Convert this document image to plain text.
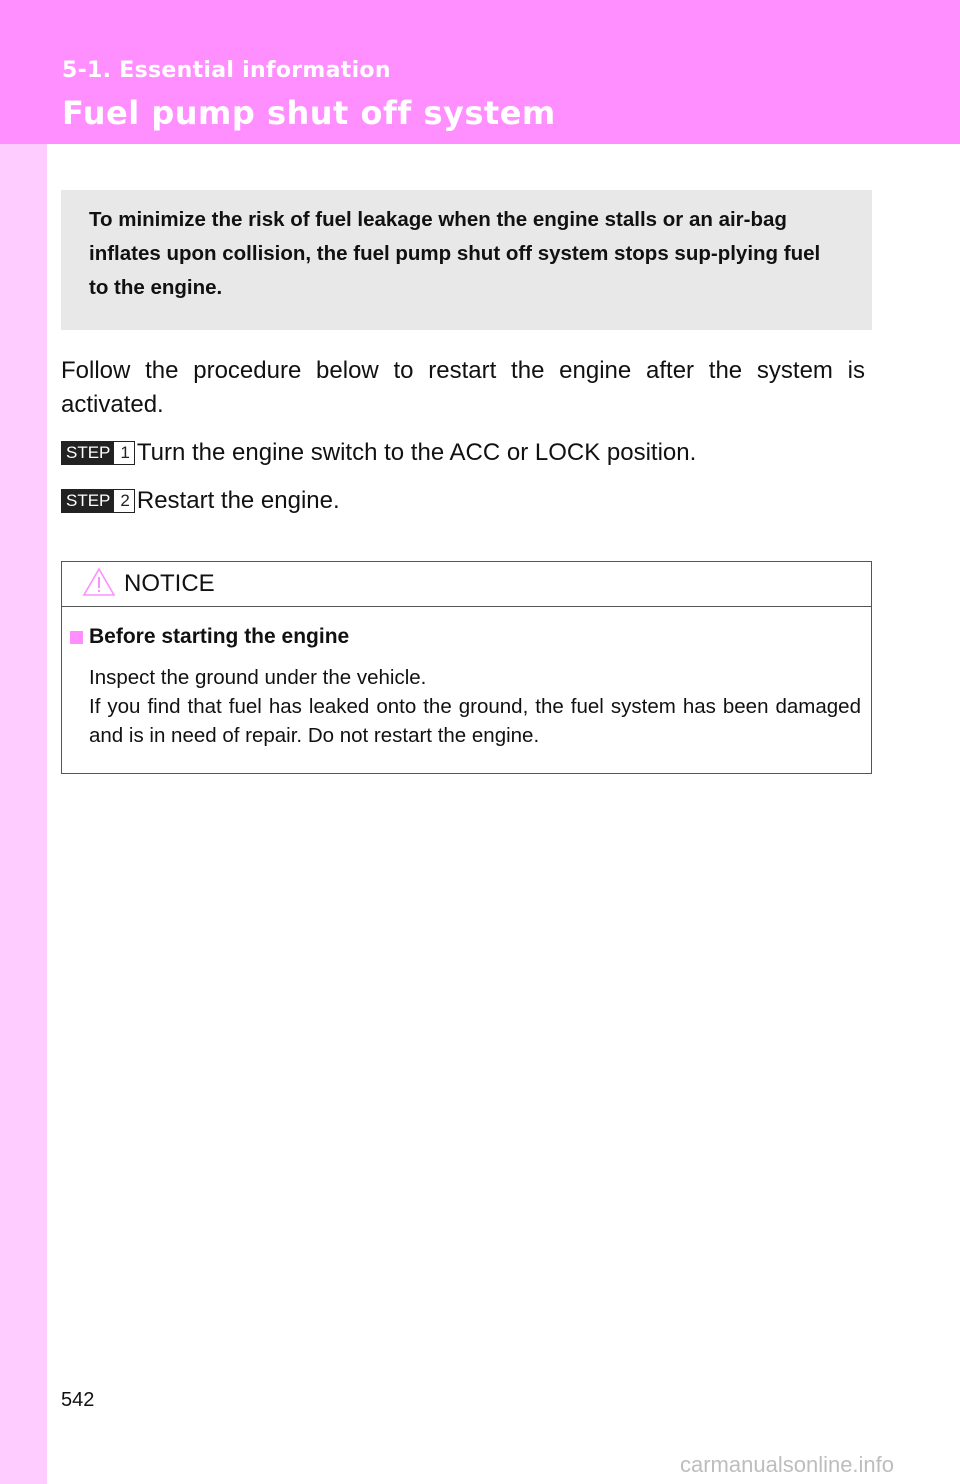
5-1. Essential information
Fuel pump shut off system
To minimize the risk of fuel leakage when the engine stalls or an air-bag inflates upon collision, the fuel pump shut off system stops sup-plying fuel to the engine.
Follow the procedure below to restart the engine after the system is activated.
STEP 1 Turn the engine switch to the ACC or LOCK position.
STEP 2 Restart the engine.
NOTICE
Before starting the engine
Inspect the ground under the vehicle.
If you find that fuel has leaked onto the ground, the fuel system has been damaged and is in need of repair. Do not restart the engine.
542
carmanualsonline.info
